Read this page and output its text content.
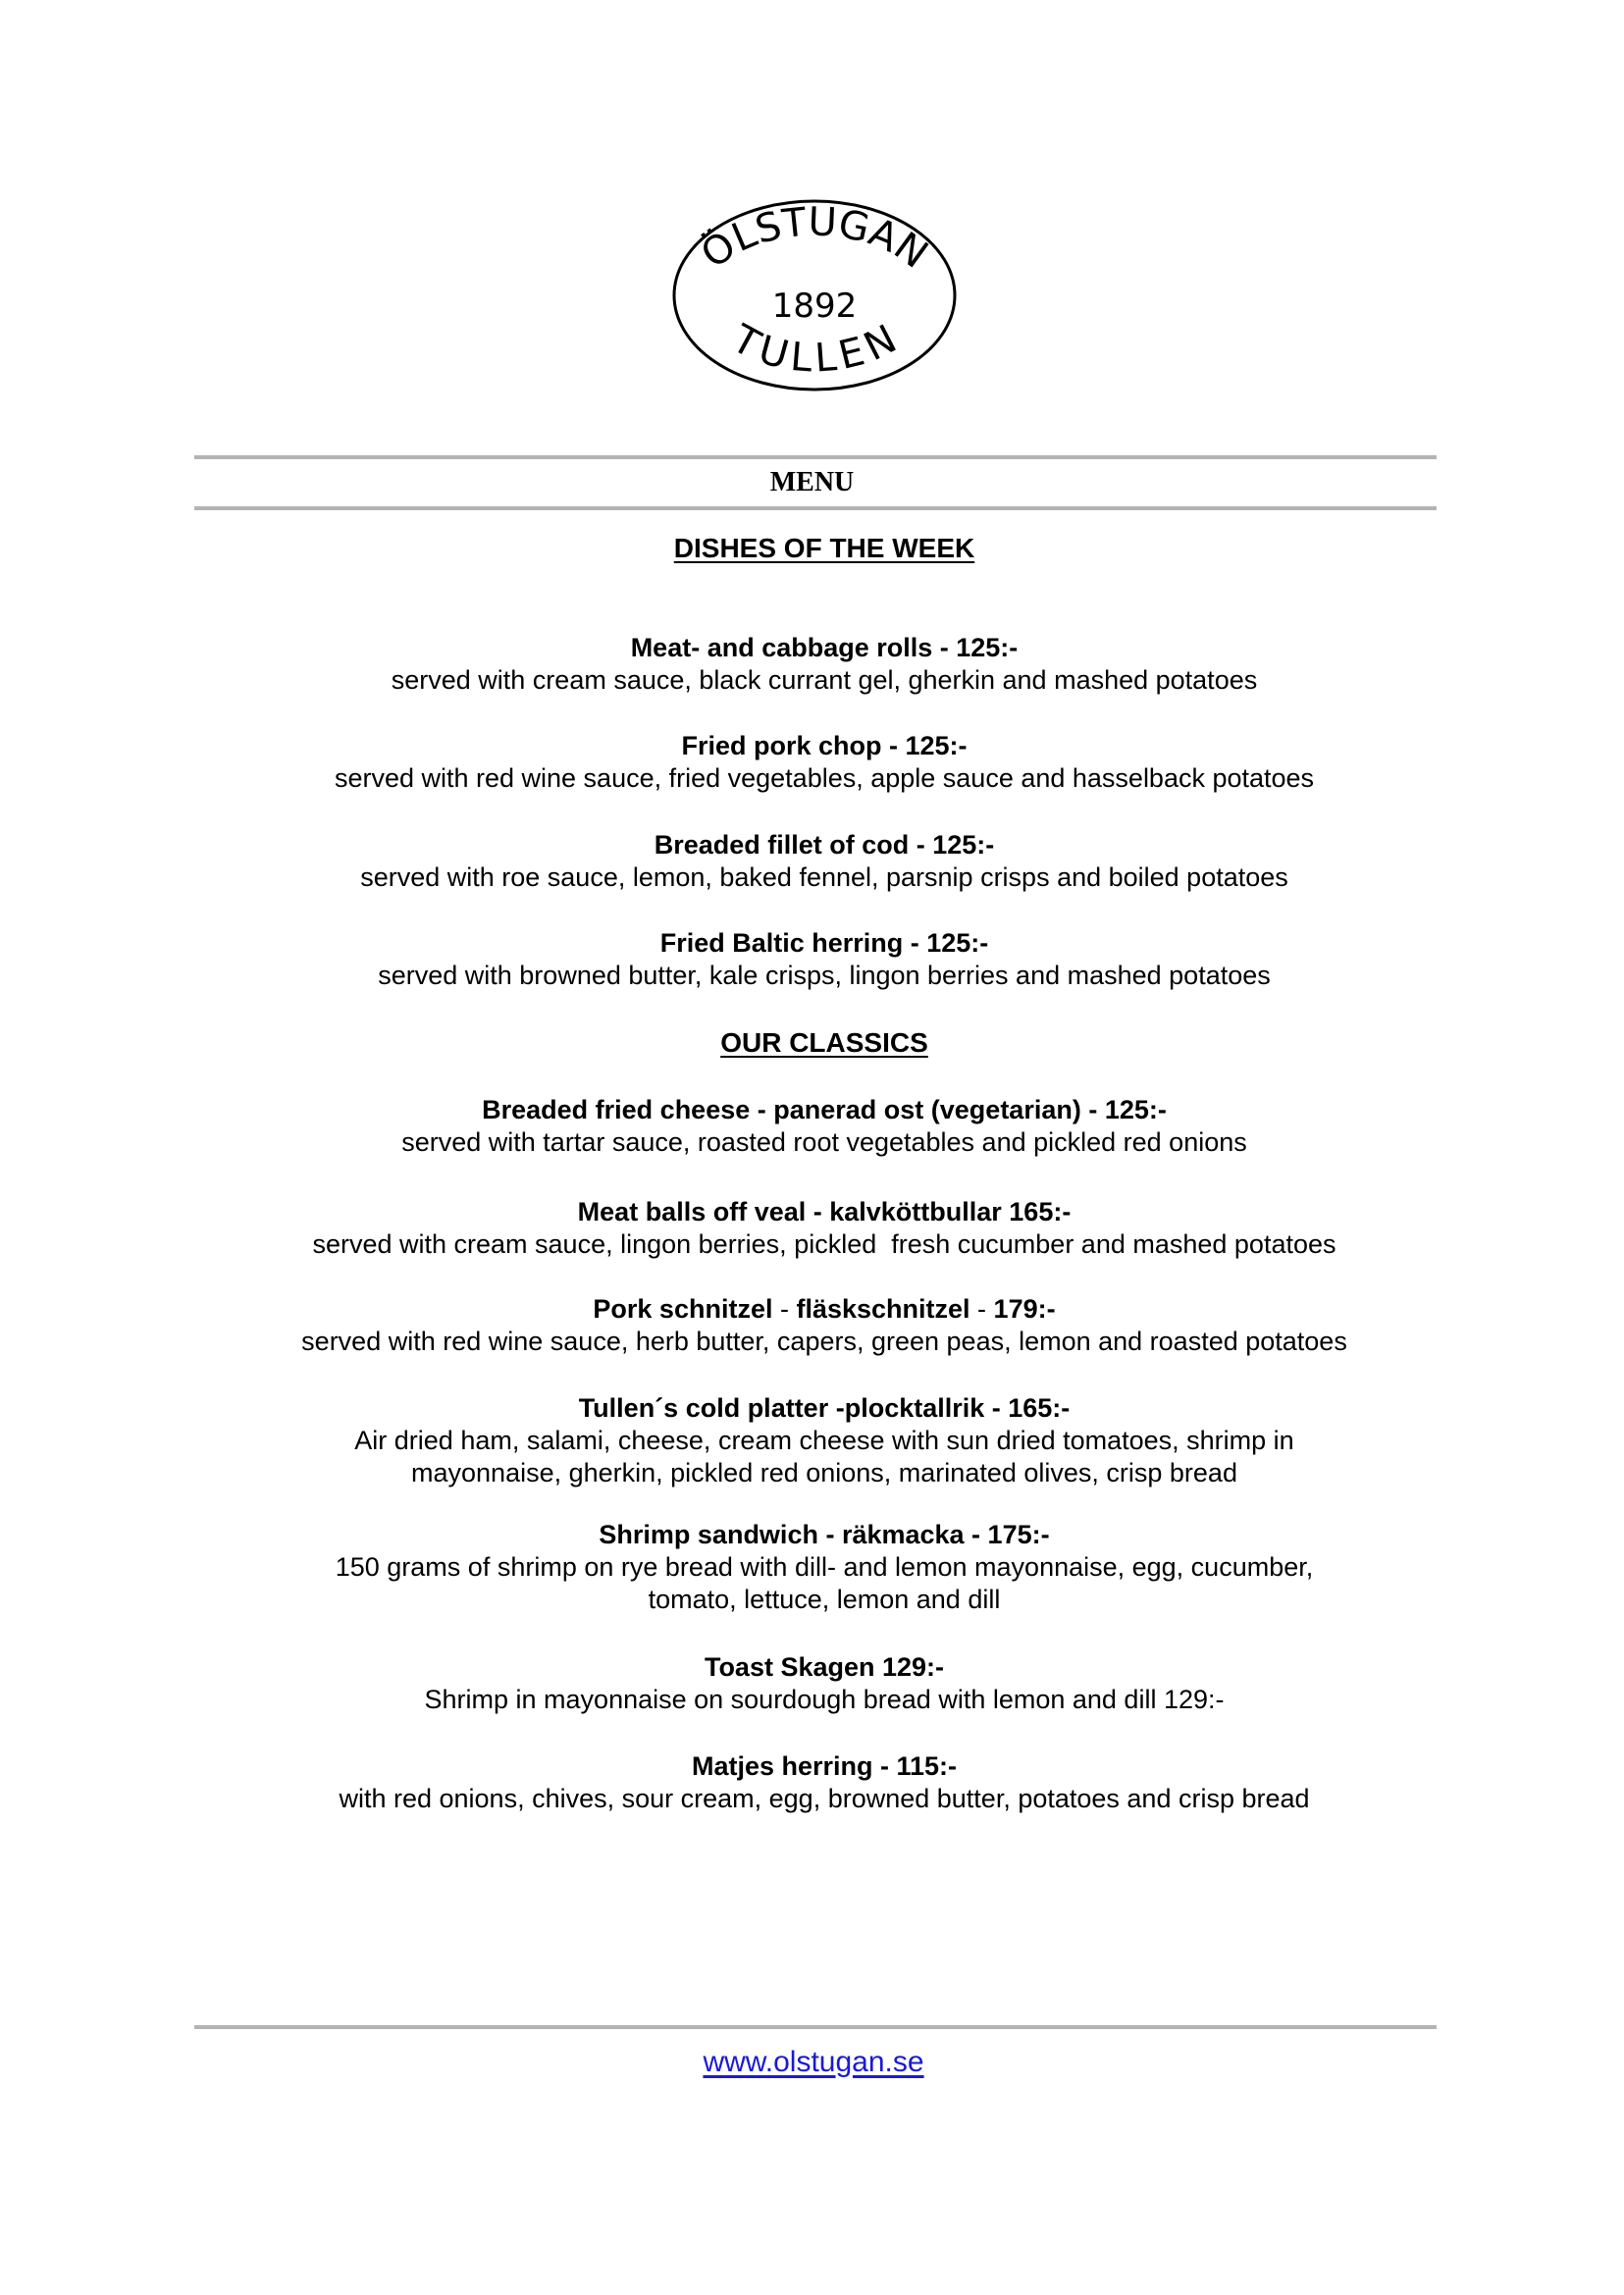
ÖLSTUGAN
1892
TULLEN
MENU
DISHES OF THE WEEK
Meat- and cabbage rolls - 125:-
served with cream sauce, black currant gel, gherkin and mashed potatoes
Fried pork chop - 125:-
served with red wine sauce, fried vegetables, apple sauce and hasselback potatoes
Breaded fillet of cod - 125:-
served with roe sauce, lemon, baked fennel, parsnip crisps and boiled potatoes
Fried Baltic herring - 125:-
served with browned butter, kale crisps, lingon berries and mashed potatoes
OUR CLASSICS
Breaded fried cheese - panerad ost (vegetarian) - 125:-
served with tartar sauce, roasted root vegetables and pickled red onions
Meat balls off veal - kalvköttbullar 165:-
served with cream sauce, lingon berries, pickled  fresh cucumber and mashed potatoes
Pork schnitzel - fläskschnitzel - 179:-
served with red wine sauce, herb butter, capers, green peas, lemon and roasted potatoes
Tullen´s cold platter -plocktallrik - 165:-
Air dried ham, salami, cheese, cream cheese with sun dried tomatoes, shrimp in
mayonnaise, gherkin, pickled red onions, marinated olives, crisp bread
Shrimp sandwich - räkmacka - 175:-
150 grams of shrimp on rye bread with dill- and lemon mayonnaise, egg, cucumber,
tomato, lettuce, lemon and dill
Toast Skagen 129:-
Shrimp in mayonnaise on sourdough bread with lemon and dill 129:-
Matjes herring - 115:-
with red onions, chives, sour cream, egg, browned butter, potatoes and crisp bread
www.olstugan.se
